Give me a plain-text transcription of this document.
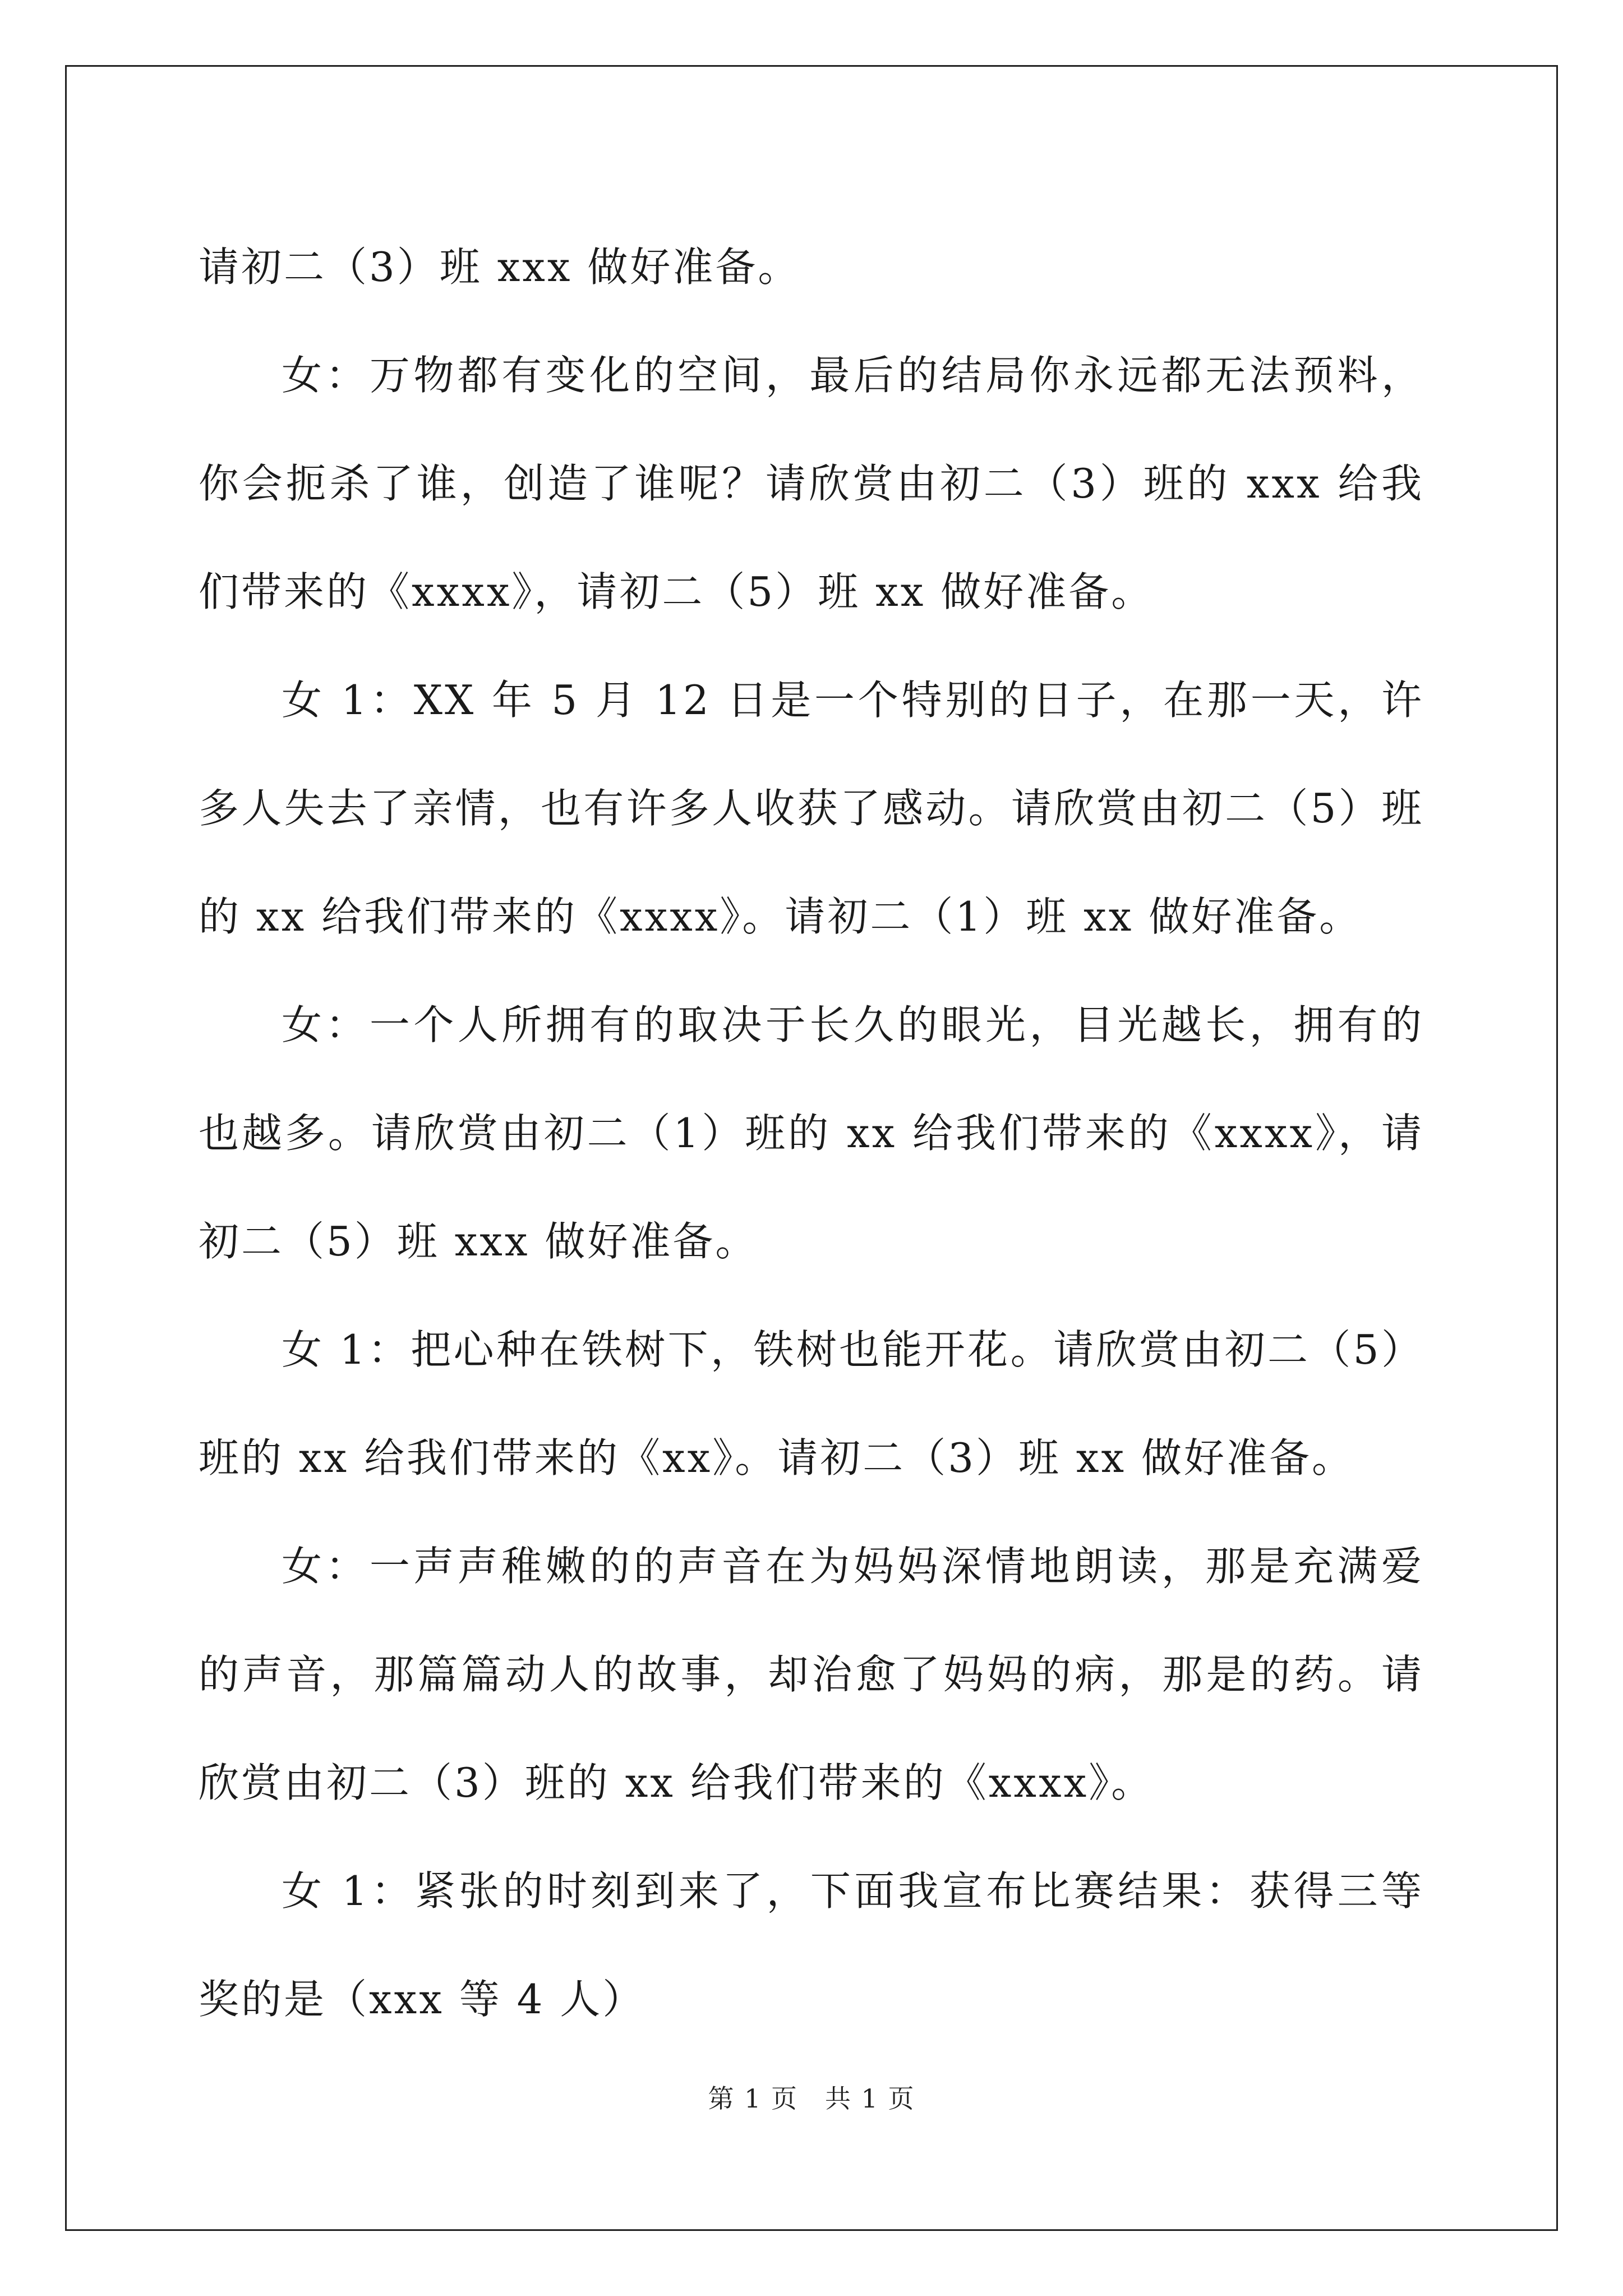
请初二（3）班 xxx 做好准备。

女：万物都有变化的空间，最后的结局你永远都无法预料，你会扼杀了谁，创造了谁呢？请欣赏由初二（3）班的 xxx 给我们带来的《xxxx》，请初二（5）班 xx 做好准备。

女 1：XX 年 5 月 12 日是一个特别的日子，在那一天，许多人失去了亲情，也有许多人收获了感动。请欣赏由初二（5）班的 xx 给我们带来的《xxxx》。请初二（1）班 xx 做好准备。

女：一个人所拥有的取决于长久的眼光，目光越长，拥有的也越多。请欣赏由初二（1）班的 xx 给我们带来的《xxxx》，请初二（5）班 xxx 做好准备。

女 1：把心种在铁树下，铁树也能开花。请欣赏由初二（5）班的 xx 给我们带来的《xx》。请初二（3）班 xx 做好准备。

女：一声声稚嫩的的声音在为妈妈深情地朗读，那是充满爱的声音，那篇篇动人的故事，却治愈了妈妈的病，那是的药。请欣赏由初二（3）班的 xx 给我们带来的《xxxx》。

女 1：紧张的时刻到来了，下面我宣布比赛结果：获得三等奖的是（xxx 等 4 人）

第 1 页　共 1 页
